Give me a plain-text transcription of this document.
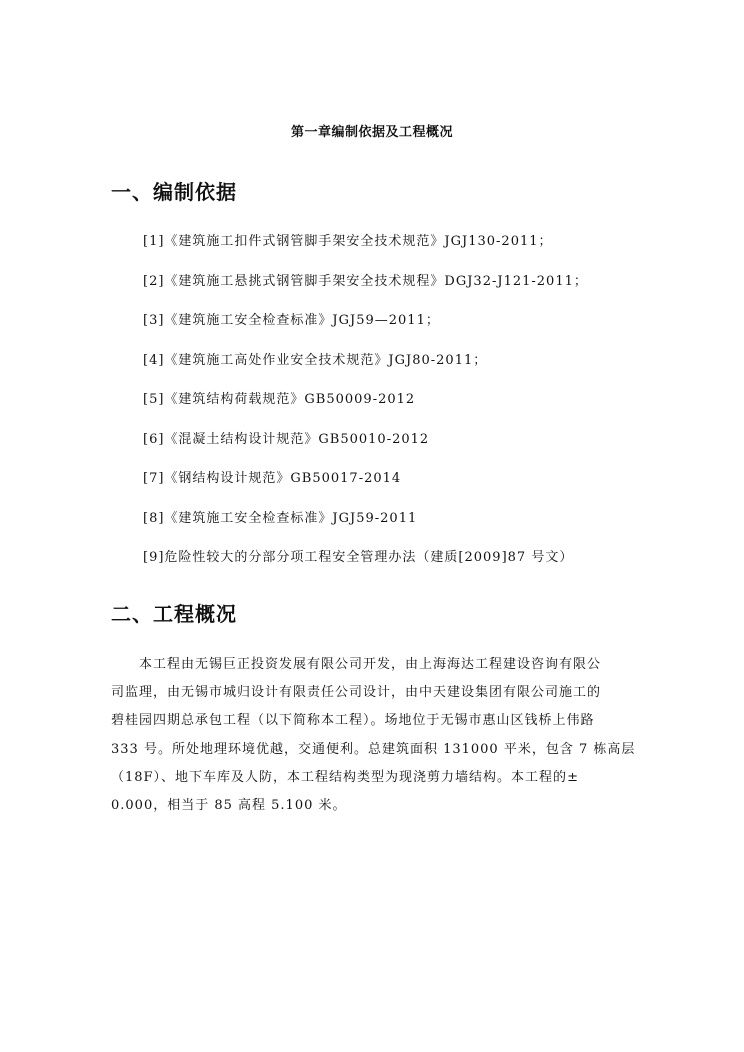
第一章编制依据及工程概况
一、编制依据
[1]《建筑施工扣件式钢管脚手架安全技术规范》JGJ130-2011；
[2]《建筑施工悬挑式钢管脚手架安全技术规程》DGJ32-J121-2011；
[3]《建筑施工安全检查标准》JGJ59—2011；
[4]《建筑施工高处作业安全技术规范》JGJ80-2011；
[5]《建筑结构荷载规范》GB50009-2012
[6]《混凝土结构设计规范》GB50010-2012
[7]《钢结构设计规范》GB50017-2014
[8]《建筑施工安全检查标准》JGJ59-2011
[9]危险性较大的分部分项工程安全管理办法（建质[2009]87 号文）
二、工程概况
　　本工程由无锡巨正投资发展有限公司开发，由上海海达工程建设咨询有限公
司监理，由无锡市城归设计有限责任公司设计，由中天建设集团有限公司施工的
碧桂园四期总承包工程（以下简称本工程）。场地位于无锡市惠山区钱桥上伟路
333 号。所处地理环境优越，交通便利。总建筑面积 131000 平米，包含 7 栋高层
（18F）、地下车库及人防，本工程结构类型为现浇剪力墙结构。本工程的±
0.000，相当于 85 高程 5.100 米。
